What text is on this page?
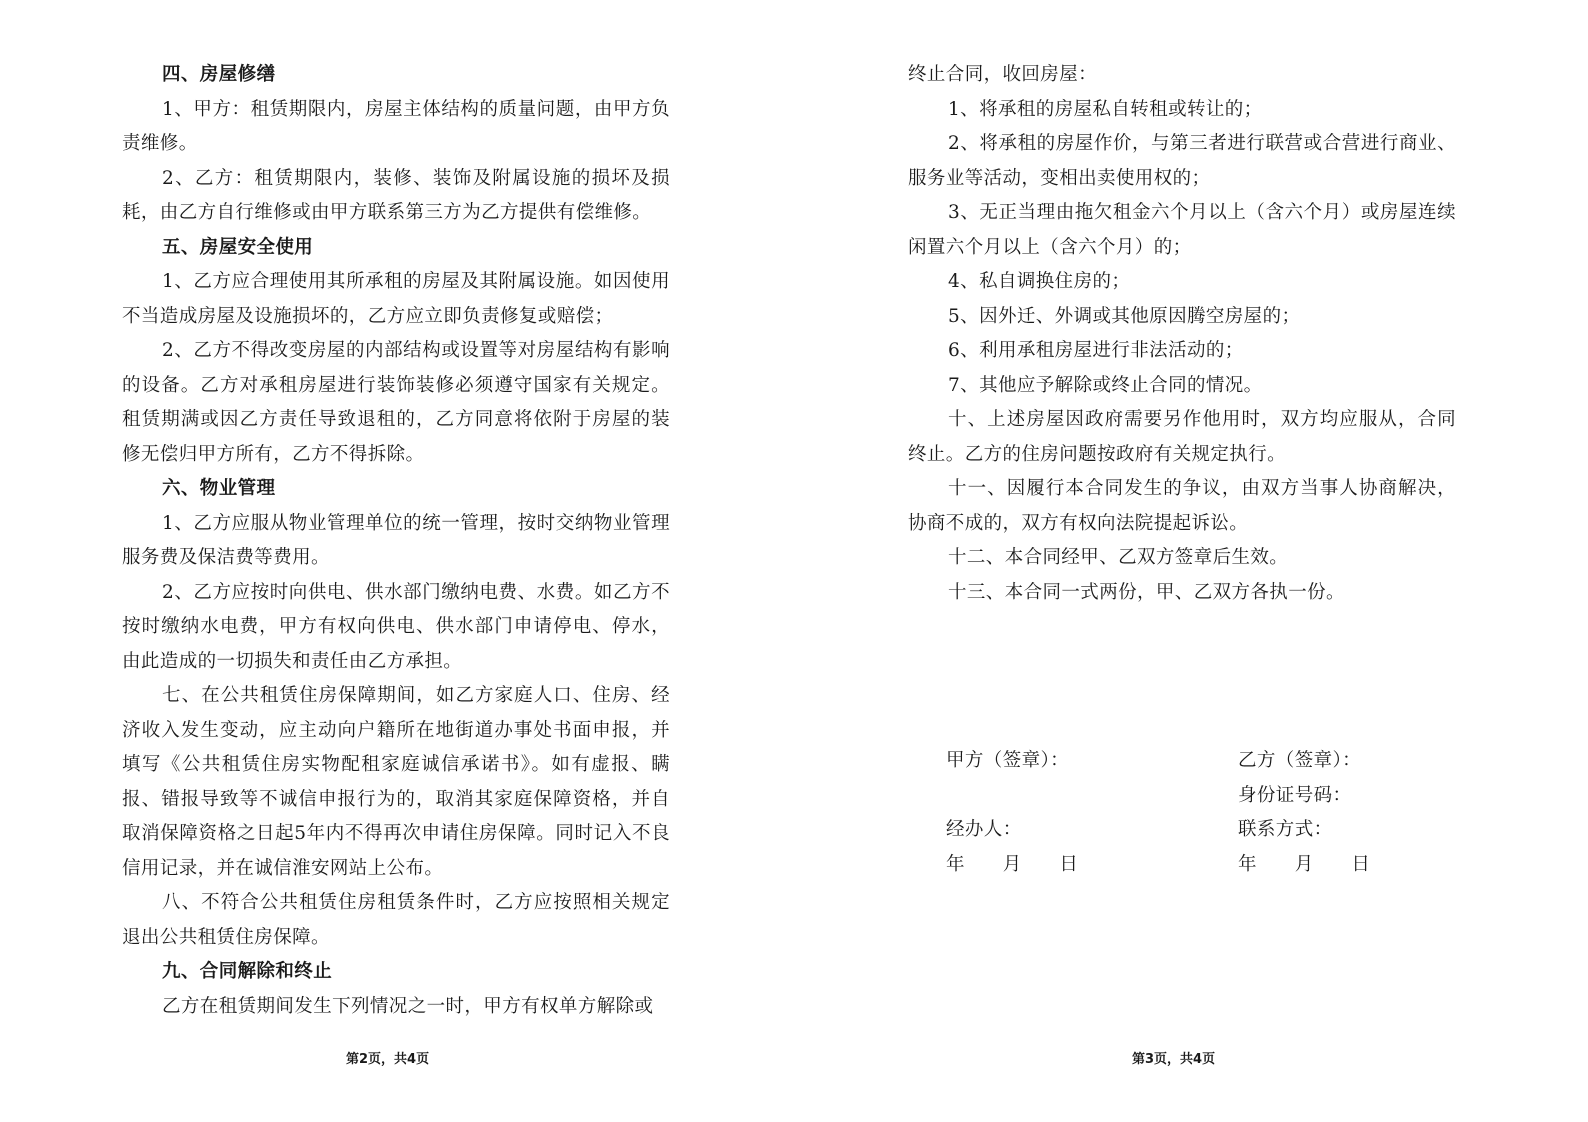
四、房屋修缮

1、甲方：租赁期限内，房屋主体结构的质量问题，由甲方负责维修。

2、乙方：租赁期限内，装修、装饰及附属设施的损坏及损耗，由乙方自行维修或由甲方联系第三方为乙方提供有偿维修。

五、房屋安全使用

1、乙方应合理使用其所承租的房屋及其附属设施。如因使用不当造成房屋及设施损坏的，乙方应立即负责修复或赔偿；

2、乙方不得改变房屋的内部结构或设置等对房屋结构有影响的设备。乙方对承租房屋进行装饰装修必须遵守国家有关规定。租赁期满或因乙方责任导致退租的，乙方同意将依附于房屋的装修无偿归甲方所有，乙方不得拆除。

六、物业管理

1、乙方应服从物业管理单位的统一管理，按时交纳物业管理服务费及保洁费等费用。

2、乙方应按时向供电、供水部门缴纳电费、水费。如乙方不按时缴纳水电费，甲方有权向供电、供水部门申请停电、停水，由此造成的一切损失和责任由乙方承担。

七、在公共租赁住房保障期间，如乙方家庭人口、住房、经济收入发生变动，应主动向户籍所在地街道办事处书面申报，并填写《公共租赁住房实物配租家庭诚信承诺书》。如有虚报、瞒报、错报导致等不诚信申报行为的，取消其家庭保障资格，并自取消保障资格之日起5年内不得再次申请住房保障。同时记入不良信用记录，并在诚信淮安网站上公布。

八、不符合公共租赁住房租赁条件时，乙方应按照相关规定退出公共租赁住房保障。

九、合同解除和终止

乙方在租赁期间发生下列情况之一时，甲方有权单方解除或

终止合同，收回房屋：

1、将承租的房屋私自转租或转让的；

2、将承租的房屋作价，与第三者进行联营或合营进行商业、服务业等活动，变相出卖使用权的；

3、无正当理由拖欠租金六个月以上（含六个月）或房屋连续闲置六个月以上（含六个月）的；

4、私自调换住房的；

5、因外迁、外调或其他原因腾空房屋的；

6、利用承租房屋进行非法活动的；

7、其他应予解除或终止合同的情况。

十、上述房屋因政府需要另作他用时，双方均应服从，合同终止。乙方的住房问题按政府有关规定执行。

十一、因履行本合同发生的争议，由双方当事人协商解决，协商不成的，双方有权向法院提起诉讼。

十二、本合同经甲、乙双方签章后生效。

十三、本合同一式两份，甲、乙双方各执一份。

甲方（签章）：
经办人：
年　　月　　日
乙方（签章）：
身份证号码：
联系方式：
年　　月　　日
第2页，共4页	第3页，共4页
